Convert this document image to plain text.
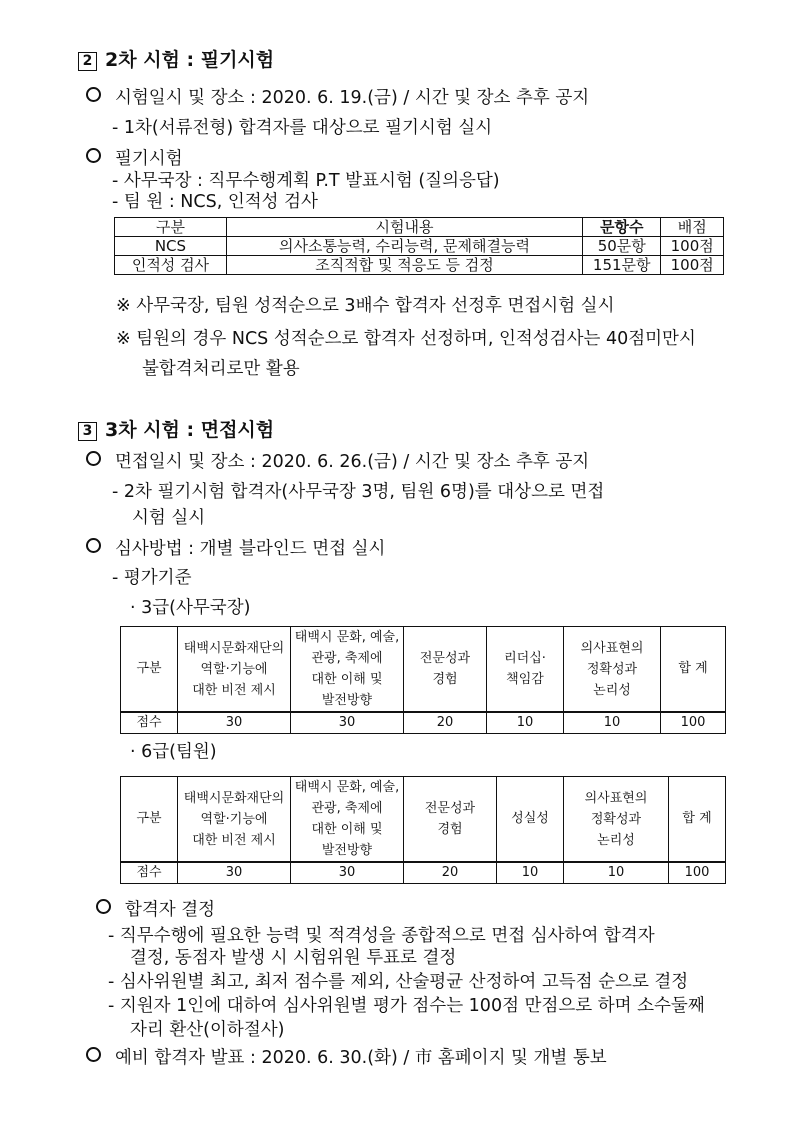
2 2차 시험 : 필기시험
시험일시 및 장소 : 2020. 6. 19.(금) / 시간 및 장소 추후 공지
- 1차(서류전형) 합격자를 대상으로 필기시험 실시
필기시험
- 사무국장 : 직무수행계획 P.T 발표시험 (질의응답)
- 팀 원 : NCS, 인적성 검사
구분	시험내용	문항수	배점
NCS	의사소통능력, 수리능력, 문제해결능력	50문항	100점
인적성 검사	조직적합 및 적응도 등 검정	151문항	100점
※ 사무국장, 팀원 성적순으로 3배수 합격자 선정후 면접시험 실시
※ 팀원의 경우 NCS 성적순으로 합격자 선정하며, 인적성검사는 40점미만시
불합격처리로만 활용
3 3차 시험 : 면접시험
면접일시 및 장소 : 2020. 6. 26.(금) / 시간 및 장소 추후 공지
- 2차 필기시험 합격자(사무국장 3명, 팀원 6명)를 대상으로 면접
시험 실시
심사방법 : 개별 블라인드 면접 실시
- 평가기준
· 3급(사무국장)
구분	태백시문화재단의
역할·기능에
대한 비전 제시	태백시 문화, 예술,
관광, 축제에
대한 이해 및
발전방향	전문성과
경험	리더십·
책임감	의사표현의
정확성과
논리성	합 계
점수	30	30	20	10	10	100
· 6급(팀원)
구분	태백시문화재단의
역할·기능에
대한 비전 제시	태백시 문화, 예술,
관광, 축제에
대한 이해 및
발전방향	전문성과
경험	성실성	의사표현의
정확성과
논리성	합 계
점수	30	30	20	10	10	100
합격자 결정
- 직무수행에 필요한 능력 및 적격성을 종합적으로 면접 심사하여 합격자
결정, 동점자 발생 시 시험위원 투표로 결정
- 심사위원별 최고, 최저 점수를 제외, 산술평균 산정하여 고득점 순으로 결정
- 지원자 1인에 대하여 심사위원별 평가 점수는 100점 만점으로 하며 소수둘째
자리 환산(이하절사)
예비 합격자 발표 : 2020. 6. 30.(화) / 市 홈페이지 및 개별 통보
